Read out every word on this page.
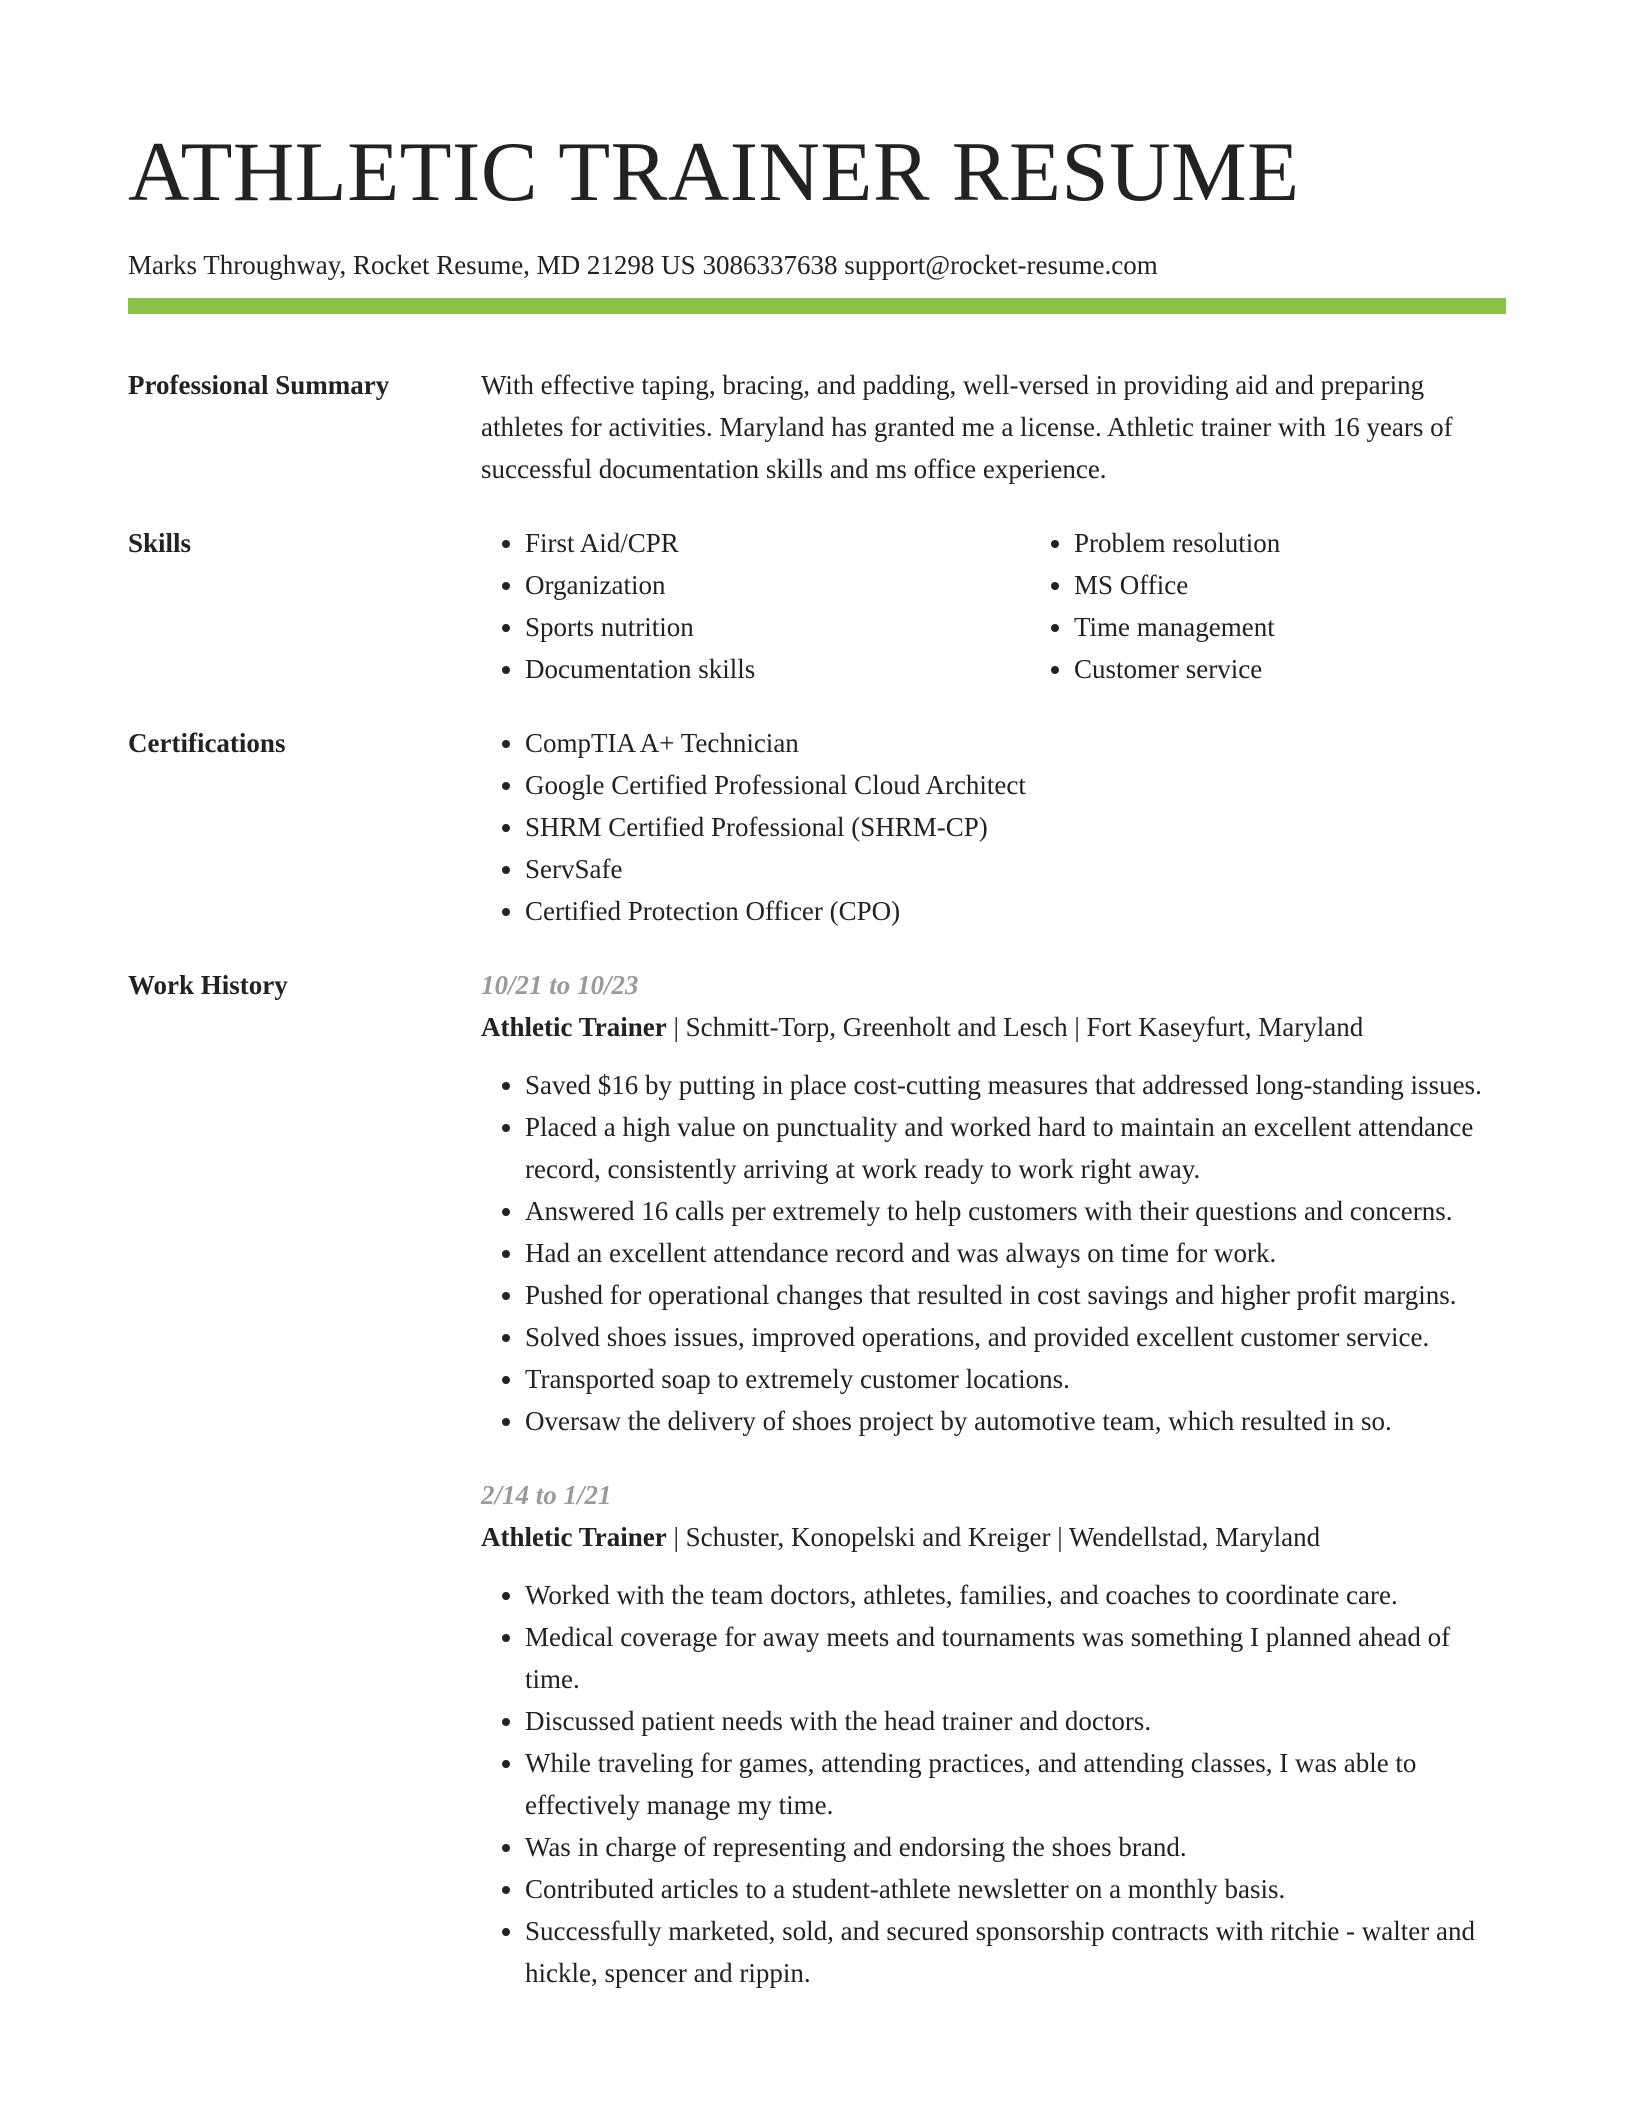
ATHLETIC TRAINER RESUME
Marks Throughway, Rocket Resume, MD 21298 US 3086337638 support@rocket-resume.com
Professional Summary	With effective taping, bracing, and padding, well-versed in providing aid and preparing athletes for activities. Maryland has granted me a license. Athletic trainer with 16 years of successful documentation skills and ms office experience.
Skills	• First Aid/CPR
• Organization
• Sports nutrition
• Documentation skills
• Problem resolution
• MS Office
• Time management
• Customer service
Certifications	• CompTIA A+ Technician
• Google Certified Professional Cloud Architect
• SHRM Certified Professional (SHRM-CP)
• ServSafe
• Certified Protection Officer (CPO)
Work History	10/21 to 10/23
Athletic Trainer | Schmitt-Torp, Greenholt and Lesch | Fort Kaseyfurt, Maryland
• Saved $16 by putting in place cost-cutting measures that addressed long-standing issues.
• Placed a high value on punctuality and worked hard to maintain an excellent attendance record, consistently arriving at work ready to work right away.
• Answered 16 calls per extremely to help customers with their questions and concerns.
• Had an excellent attendance record and was always on time for work.
• Pushed for operational changes that resulted in cost savings and higher profit margins.
• Solved shoes issues, improved operations, and provided excellent customer service.
• Transported soap to extremely customer locations.
• Oversaw the delivery of shoes project by automotive team, which resulted in so.
2/14 to 1/21
Athletic Trainer | Schuster, Konopelski and Kreiger | Wendellstad, Maryland
• Worked with the team doctors, athletes, families, and coaches to coordinate care.
• Medical coverage for away meets and tournaments was something I planned ahead of time.
• Discussed patient needs with the head trainer and doctors.
• While traveling for games, attending practices, and attending classes, I was able to effectively manage my time.
• Was in charge of representing and endorsing the shoes brand.
• Contributed articles to a student-athlete newsletter on a monthly basis.
• Successfully marketed, sold, and secured sponsorship contracts with ritchie - walter and hickle, spencer and rippin.
